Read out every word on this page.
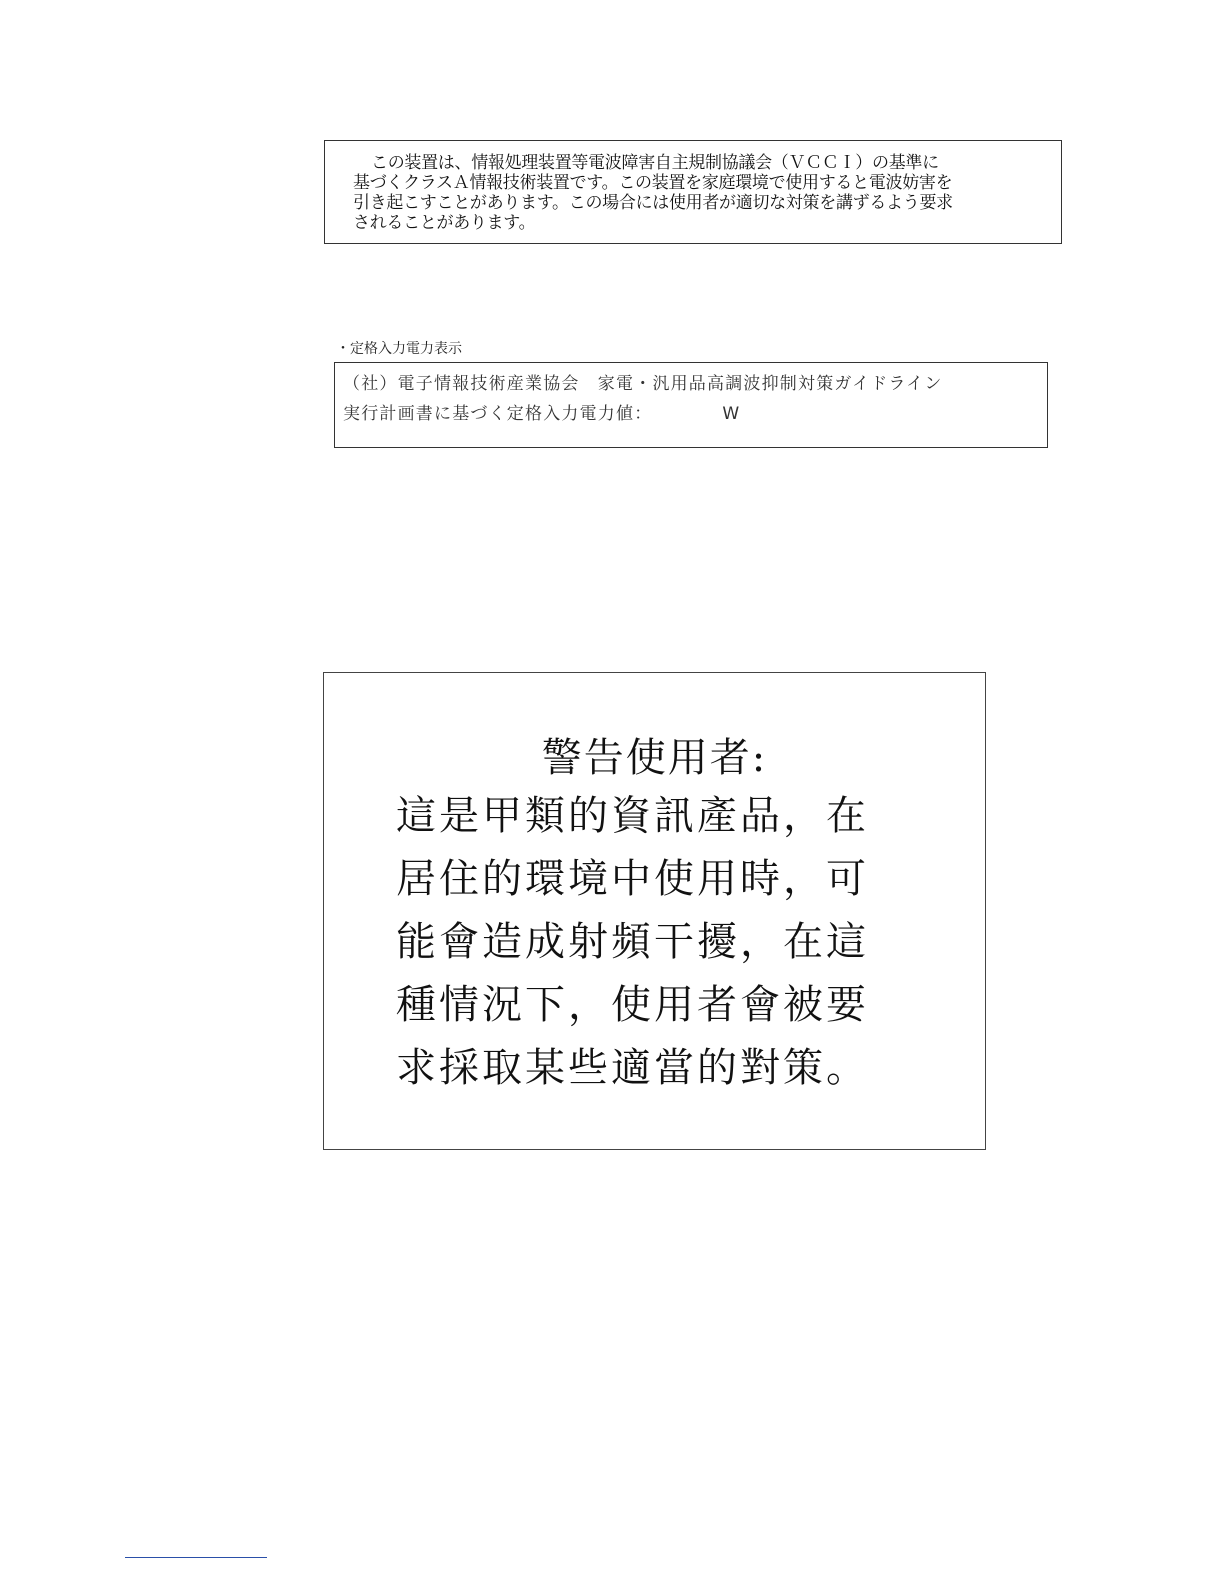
この装置は、情報処理装置等電波障害自主規制協議会（ＶＣＣＩ）の基準に
基づくクラスＡ情報技術装置です。この装置を家庭環境で使用すると電波妨害を
引き起こすことがあります。この場合には使用者が適切な対策を講ずるよう要求
されることがあります。
・定格入力電力表示
（社）電子情報技術産業協会　家電・汎用品高調波抑制対策ガイドライン
実行計画書に基づく定格入力電力値：	W
警告使用者:
這是甲類的資訊產品，在
居住的環境中使用時，可
能會造成射頻干擾，在這
種情況下，使用者會被要
求採取某些適當的對策。
